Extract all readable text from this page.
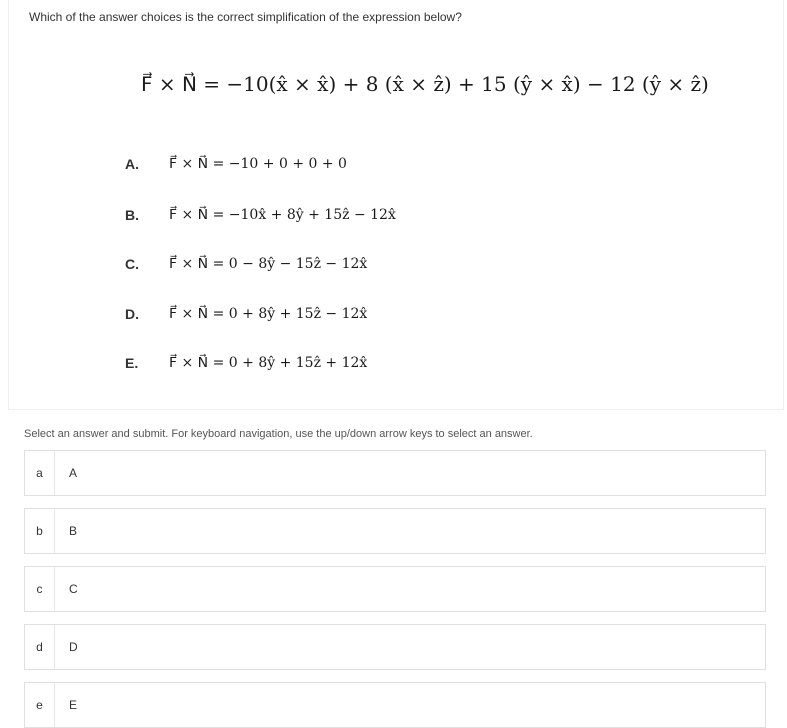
Which of the answer choices is the correct simplification of the expression below?
F⃗ × N⃗ = −10(x̂ × x̂) + 8 (x̂ × ẑ) + 15 (ŷ × x̂) − 12 (ŷ × ẑ)
A.	F⃗ × N⃗ = −10 + 0 + 0 + 0
B.	F⃗ × N⃗ = −10x̂ + 8ŷ + 15ẑ − 12x̂
C.	F⃗ × N⃗ = 0 − 8ŷ − 15ẑ − 12x̂
D.	F⃗ × N⃗ = 0 + 8ŷ + 15ẑ − 12x̂
E.	F⃗ × N⃗ = 0 + 8ŷ + 15ẑ + 12x̂
Select an answer and submit. For keyboard navigation, use the up/down arrow keys to select an answer.
a	A
b	B
c	C
d	D
e	E
